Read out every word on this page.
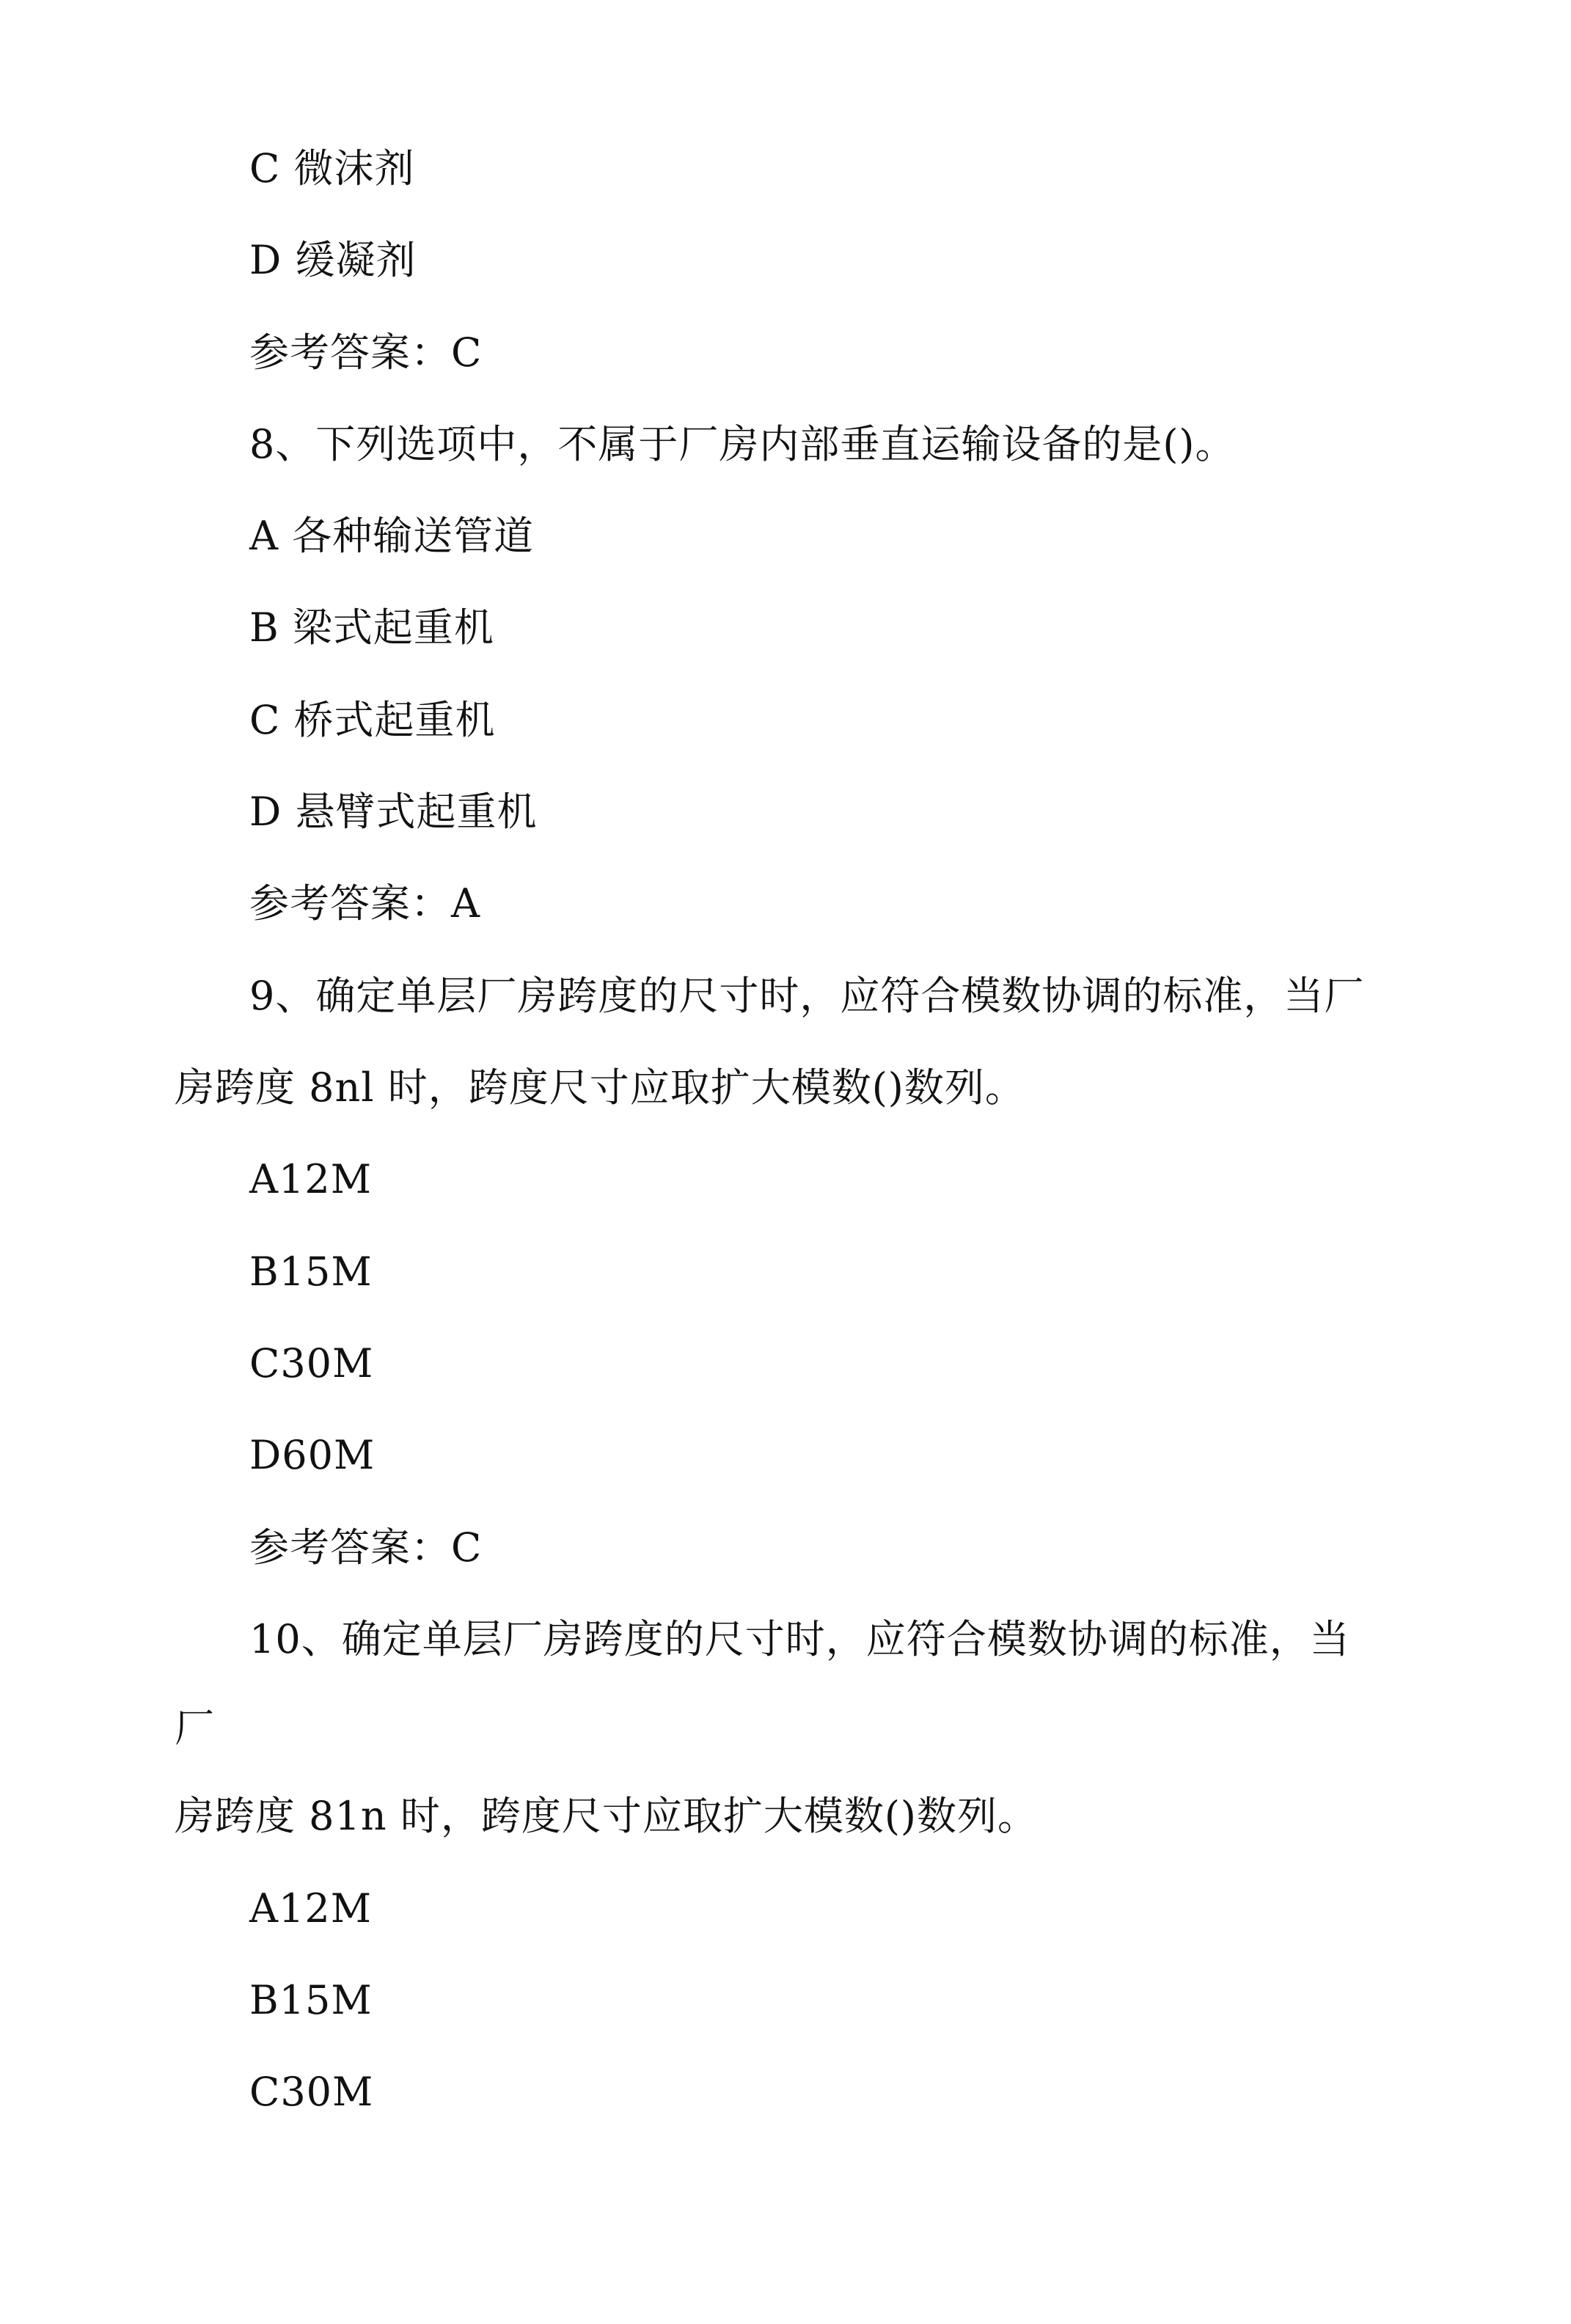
C 微沫剂
D 缓凝剂
参考答案：C
8、下列选项中，不属于厂房内部垂直运输设备的是()。
A 各种输送管道
B 梁式起重机
C 桥式起重机
D 悬臂式起重机
参考答案：A
9、确定单层厂房跨度的尺寸时，应符合模数协调的标准，当厂
房跨度 8nl 时，跨度尺寸应取扩大模数()数列。
A12M
B15M
C30M
D60M
参考答案：C
10、确定单层厂房跨度的尺寸时，应符合模数协调的标准，当
厂
房跨度 81n 时，跨度尺寸应取扩大模数()数列。
A12M
B15M
C30M
